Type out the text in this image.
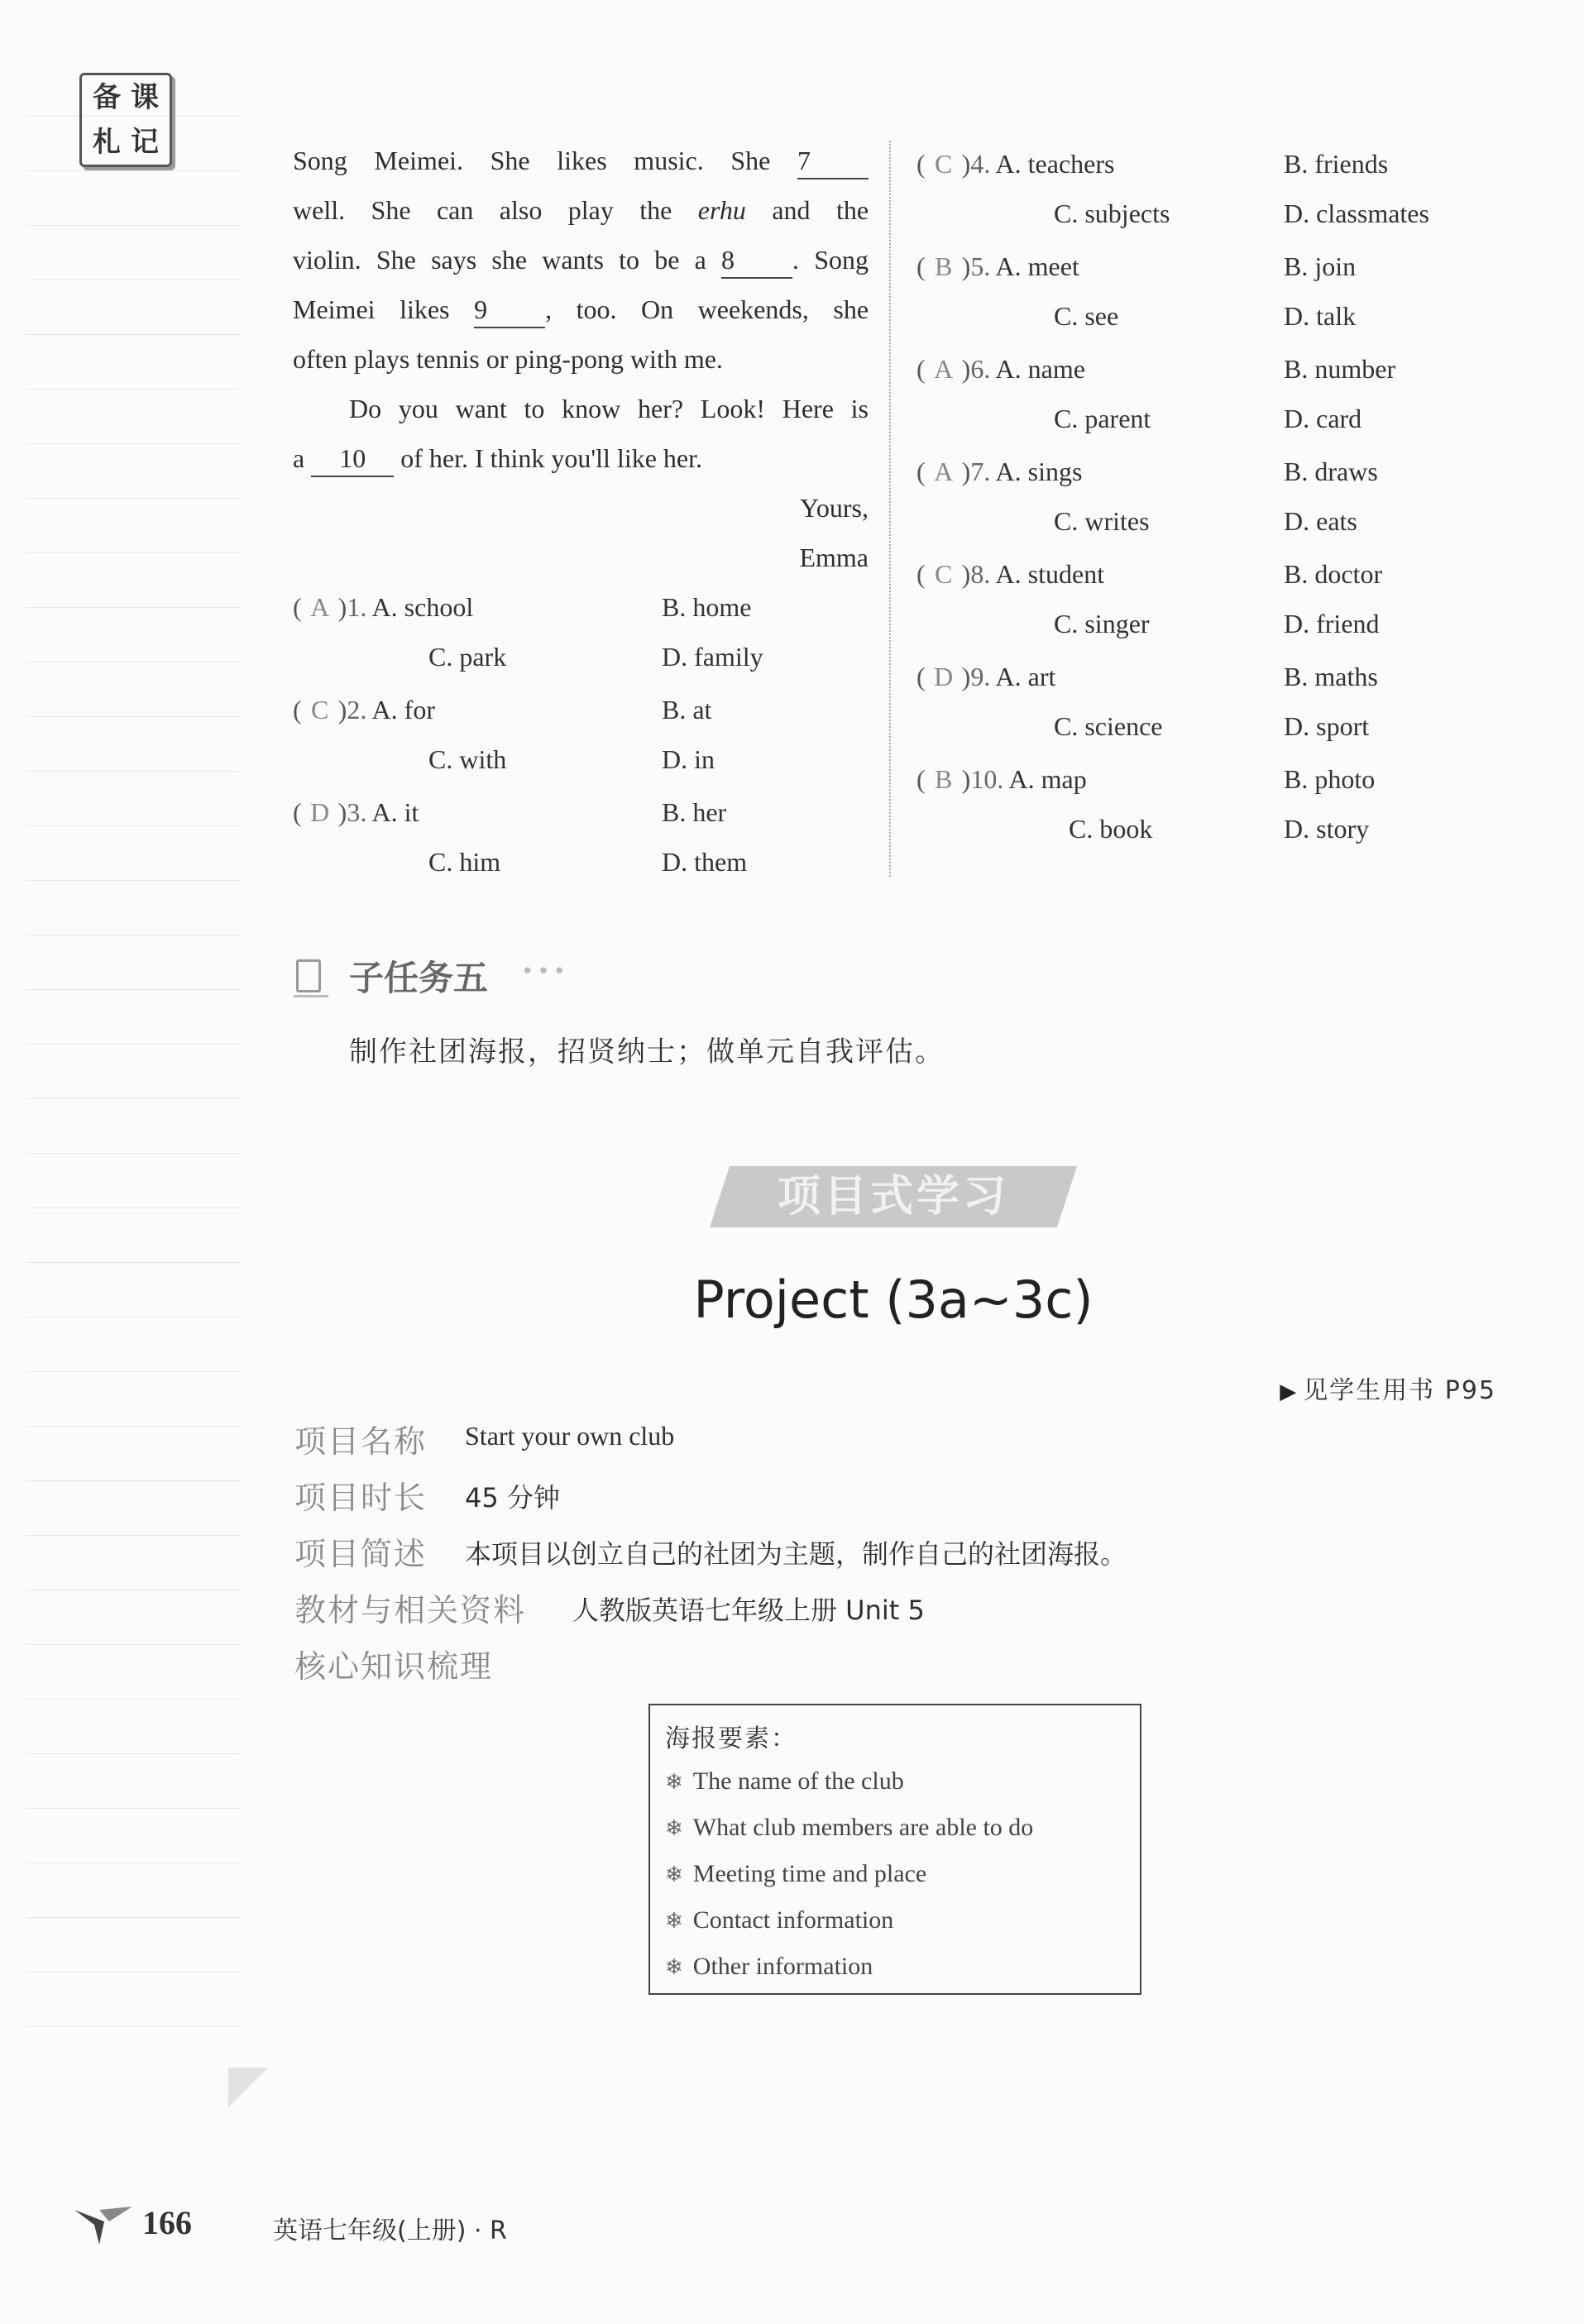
备 课
札 记
Song Meimei. She likes music. She 7
well. She can also play the erhu and the
violin. She says she wants to be a 8 . Song
Meimei likes 9 , too. On weekends, she
often plays tennis or ping-pong with me.
Do you want to know her? Look! Here is
a 10 of her. I think you'll like her.
Yours,
Emma
( A )1. A. school	B. home
C. park	D. family
( C )2. A. for	B. at
C. with	D. in
( D )3. A. it	B. her
C. him	D. them
( C )4. A. teachers	B. friends
C. subjects	D. classmates
( B )5. A. meet	B. join
C. see	D. talk
( A )6. A. name	B. number
C. parent	D. card
( A )7. A. sings	B. draws
C. writes	D. eats
( C )8. A. student	B. doctor
C. singer	D. friend
( D )9. A. art	B. maths
C. science	D. sport
( B )10. A. map	B. photo
C. book	D. story
子任务五 •••
制作社团海报，招贤纳士；做单元自我评估。
项目式学习
Project (3a~3c)
▶ 见学生用书 P95
项目名称 Start your own club
项目时长 45 分钟
项目简述 本项目以创立自己的社团为主题，制作自己的社团海报。
教材与相关资料 人教版英语七年级上册 Unit 5
核心知识梳理
海报要素：
❄ The name of the club
❄ What club members are able to do
❄ Meeting time and place
❄ Contact information
❄ Other information
166	英语七年级(上册) · R
